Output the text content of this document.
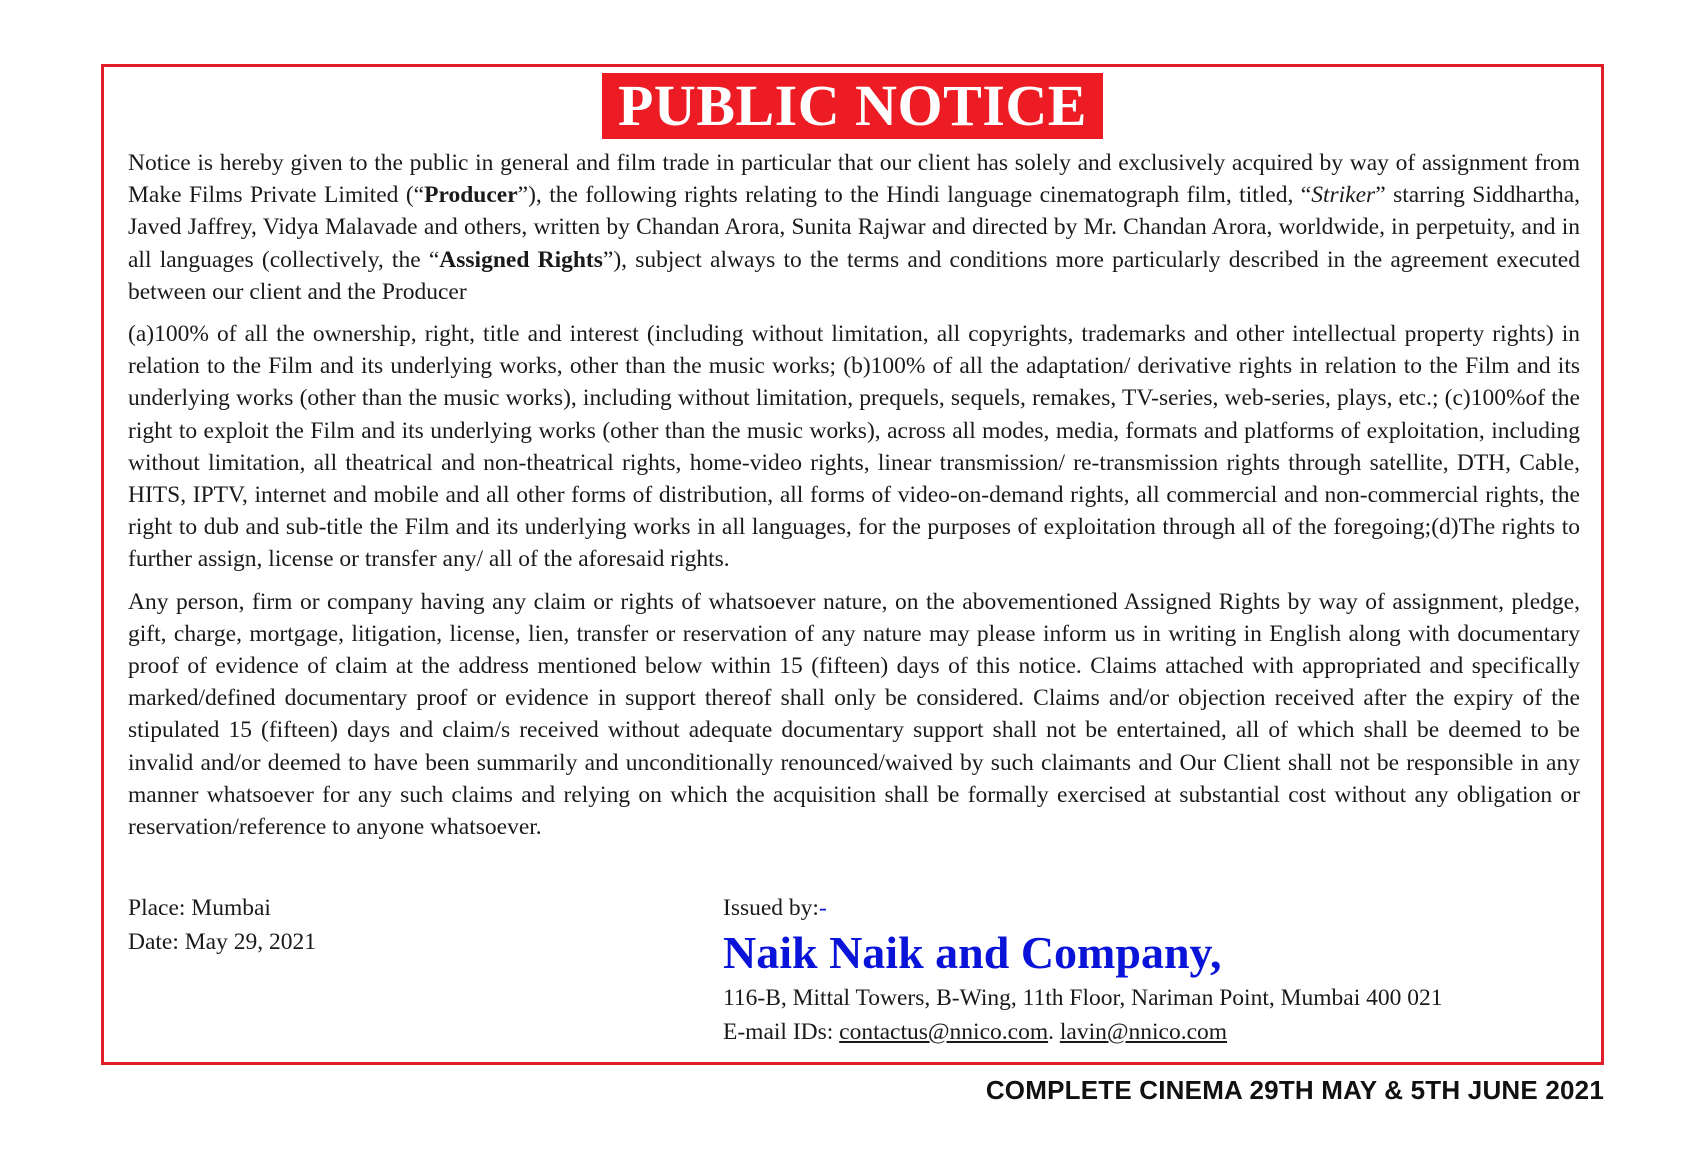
PUBLIC NOTICE

Notice is hereby given to the public in general and film trade in particular that our client has solely and exclusively acquired by way of assignment from Make Films Private Limited (“Producer”), the following rights relating to the Hindi language cinematograph film, titled, “Striker” starring Siddhartha, Javed Jaffrey, Vidya Malavade and others, written by Chandan Arora, Sunita Rajwar and directed by Mr. Chandan Arora, worldwide, in perpetuity, and in all languages (collectively, the “Assigned Rights”), subject always to the terms and conditions more particularly described in the agreement executed between our client and the Producer

(a)100% of all the ownership, right, title and interest (including without limitation, all copyrights, trademarks and other intellectual property rights) in relation to the Film and its underlying works, other than the music works; (b)100% of all the adaptation/ derivative rights in relation to the Film and its underlying works (other than the music works), including without limitation, prequels, sequels, remakes, TV-series, web-series, plays, etc.; (c)100%of the right to exploit the Film and its underlying works (other than the music works), across all modes, media, formats and platforms of exploitation, including without limitation, all theatrical and non-theatrical rights, home-video rights, linear transmission/ re-transmission rights through satellite, DTH, Cable, HITS, IPTV, internet and mobile and all other forms of distribution, all forms of video-on-demand rights, all commercial and non-commercial rights, the right to dub and sub-title the Film and its underlying works in all languages, for the purposes of exploitation through all of the foregoing;(d)The rights to further assign, license or transfer any/ all of the aforesaid rights.

Any person, firm or company having any claim or rights of whatsoever nature, on the abovementioned Assigned Rights by way of assignment, pledge, gift, charge, mortgage, litigation, license, lien, transfer or reservation of any nature may please inform us in writing in English along with documentary proof of evidence of claim at the address mentioned below within 15 (fifteen) days of this notice. Claims attached with appropriated and specifically marked/defined documentary proof or evidence in support thereof shall only be considered. Claims and/or objection received after the expiry of the stipulated 15 (fifteen) days and claim/s received without adequate documentary support shall not be entertained, all of which shall be deemed to be invalid and/or deemed to have been summarily and unconditionally renounced/waived by such claimants and Our Client shall not be responsible in any manner whatsoever for any such claims and relying on which the acquisition shall be formally exercised at substantial cost without any obligation or reservation/reference to anyone whatsoever.

Place: Mumbai
Date: May 29, 2021
Issued by:-
Naik Naik and Company,
116-B, Mittal Towers, B-Wing, 11th Floor, Nariman Point, Mumbai 400 021
E-mail IDs: contactus@nnico.com. lavin@nnico.com
COMPLETE CINEMA 29TH MAY & 5TH JUNE 2021
